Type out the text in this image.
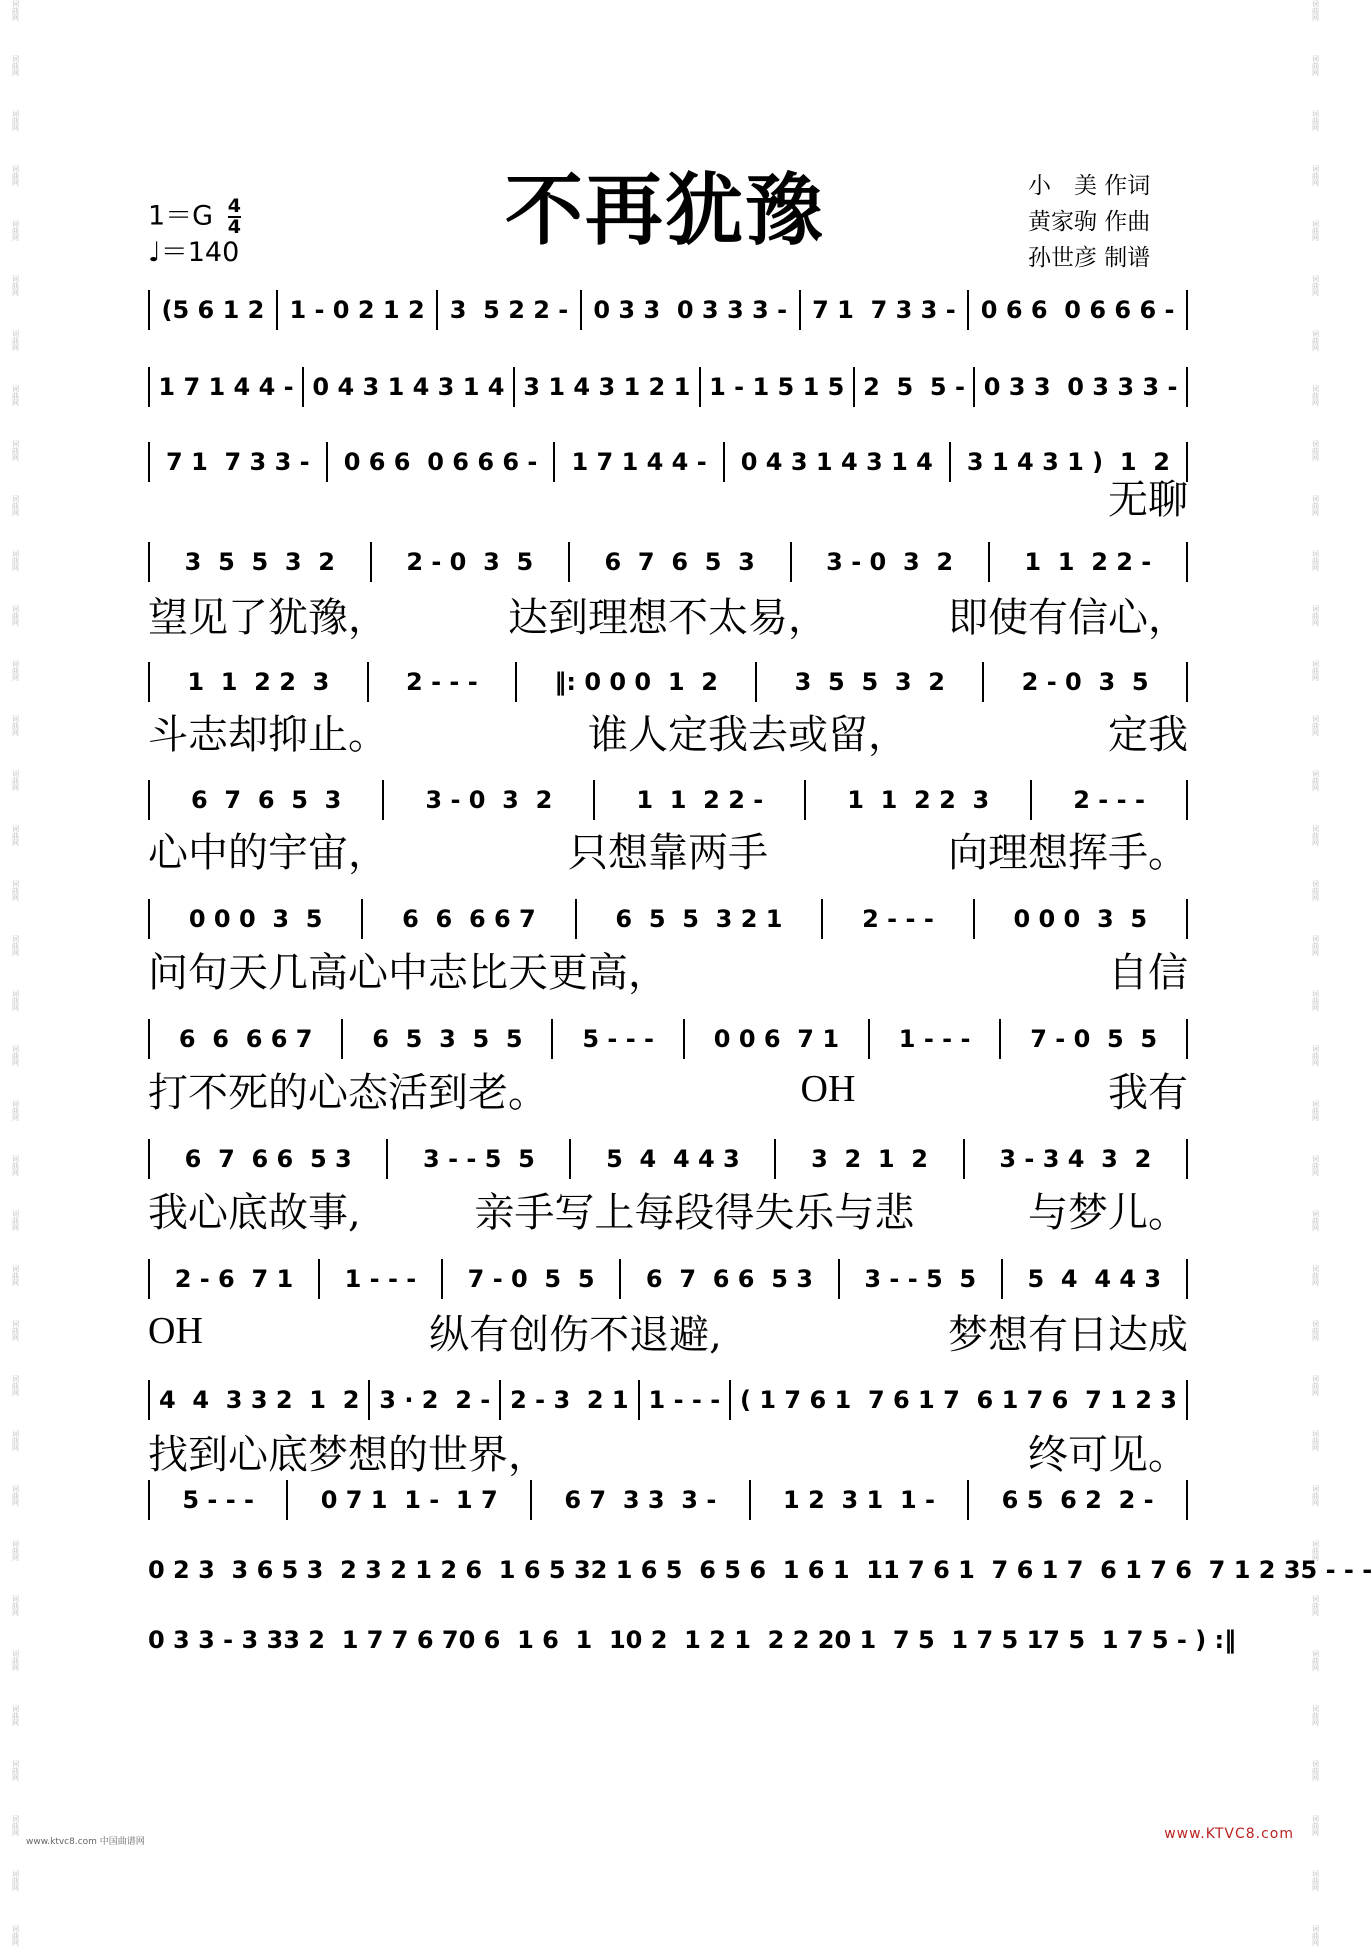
词曲网
词曲网
词曲网
词曲网
词曲网
词曲网
词曲网
词曲网
词曲网
词曲网
词曲网
词曲网
词曲网
词曲网
词曲网
词曲网
词曲网
词曲网
词曲网
词曲网
词曲网
词曲网
词曲网
词曲网
词曲网
词曲网
词曲网
词曲网
词曲网
词曲网
词曲网
词曲网
词曲网
词曲网
词曲网
词曲网
词曲网
词曲网
词曲网
词曲网
词曲网
词曲网
词曲网
词曲网
词曲网
词曲网
词曲网
词曲网
词曲网
词曲网
词曲网
词曲网
词曲网
词曲网
词曲网
词曲网
词曲网
词曲网
词曲网
词曲网
词曲网
词曲网
词曲网
词曲网
词曲网
词曲网
词曲网
词曲网
词曲网
词曲网
词曲网
词曲网
不再犹豫
$1=G \frac{4}{4}$
♩＝140
小　美 作词
黄家驹 作曲
孙世彦 制谱
(5 6 1 2 1 - 0 2 1 2 3  5 2 2 - 0 3 3  0 3 3 3 - 7 1  7 3 3 - 0 6 6  0 6 6 6 -
1 7 1 4 4 - 0 4 3 1 4 3 1 4 3 1 4 3 1 2 1 1 - 1 5 1 5 2  5  5 - 0 3 3  0 3 3 3 -
7 1  7 3 3 - 0 6 6  0 6 6 6 - 1 7 1 4 4 - 0 4 3 1 4 3 1 4 3 1 4 3 1 )  1  2
无聊
3  5  5  3  2	2 - 0  3  5	6  7  6  5  3	3 - 0  3  2	1  1  2 2 -
望见了犹豫，	达到理想不太易，	即使有信心，
1  1  2 2  3	2 - - -	‖: 0 0 0  1  2	3  5  5  3  2	2 - 0  3  5
斗志却抑止。	谁人定我去或留，	定我
6  7  6  5  3	3 - 0  3  2	1  1  2 2 -	1  1  2 2  3	2 - - -
心中的宇宙，	只想靠两手	向理想挥手。
0 0 0  3  5	6  6  6 6 7	6  5  5  3 2 1	2 - - -	0 0 0  3  5
问句天几高心中志比天更高，	自信
6  6  6 6 7 6  5  3  5  5 5 - - - 0 0 6  7 1 1 - - - 7 - 0  5  5
打不死的心态活到老。	OH	我有
6  7  6 6  5 3	3 - - 5  5	5  4  4 4 3	3  2  1  2	3 - 3 4  3  2
我心底故事,	亲手写上每段得失乐与悲	与梦儿。
2 - 6  7 1 1 - - - 7 - 0  5  5 6  7  6 6  5 3 3 - - 5  5 5  4  4 4 3
OH	纵有创伤不退避,	梦想有日达成
4  4  3 3 2  1  2 3 · 2  2 - 2 - 3  2 1 1 - - - ( 1 7 6 1  7 6 1 7  6 1 7 6  7 1 2 3
找到心底梦想的世界，	终可见。
5 - - -	0 7 1  1 -  1 7	6 7  3 3  3 -	1 2  3 1  1 -	6 5  6 2  2 -
0 2 3  3 6 5 3  2 3 2 1 2 6  1 6 5 3 2 1 6 5  6 5 6  1 6 1  1 1 7 6 1  7 6 1 7  6 1 7 6  7 1 2 3 5 - - -
0 3 3 - 3 3 3 2  1 7 7 6 7 0 6  1 6  1  1 0 2  1 2 1  2 2 2 0 1  7 5  1 7 5 1 7 5  1 7 5 - ) :‖
www.ktvc8.com 中国曲谱网	www.KTVC8.com
